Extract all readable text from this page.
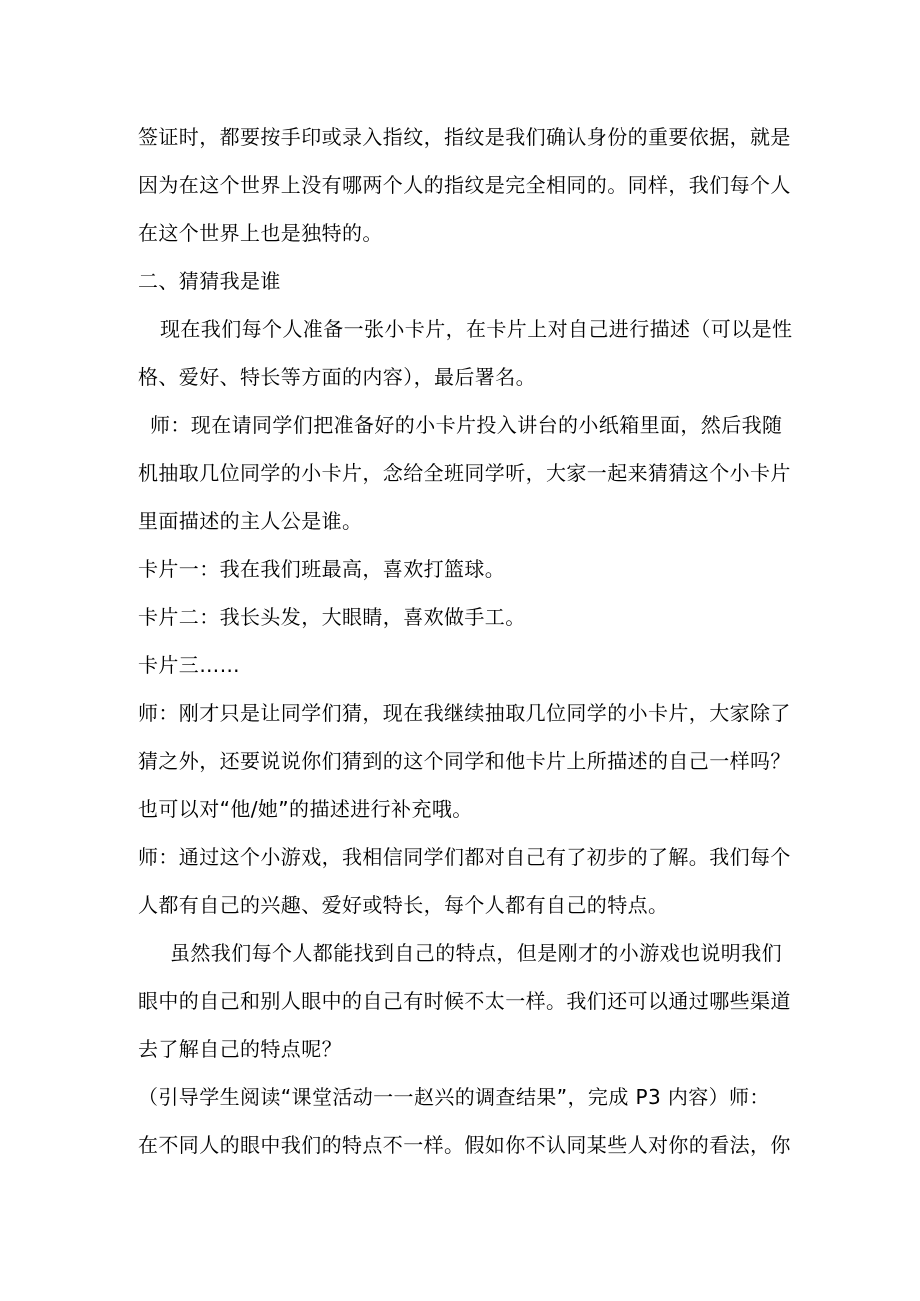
签证时，都要按手印或录入指纹，指纹是我们确认身份的重要依据，就是
因为在这个世界上没有哪两个人的指纹是完全相同的。同样，我们每个人
在这个世界上也是独特的。
二、猜猜我是谁
现在我们每个人准备一张小卡片，在卡片上对自己进行描述（可以是性
格、爱好、特长等方面的内容），最后署名。
师：现在请同学们把准备好的小卡片投入讲台的小纸箱里面，然后我随
机抽取几位同学的小卡片，念给全班同学听，大家一起来猜猜这个小卡片
里面描述的主人公是谁。
卡片一：我在我们班最高，喜欢打篮球。
卡片二：我长头发，大眼睛，喜欢做手工。
卡片三……
师：刚才只是让同学们猜，现在我继续抽取几位同学的小卡片，大家除了
猜之外，还要说说你们猜到的这个同学和他卡片上所描述的自己一样吗？
也可以对“他/她”的描述进行补充哦。
师：通过这个小游戏，我相信同学们都对自己有了初步的了解。我们每个
人都有自己的兴趣、爱好或特长，每个人都有自己的特点。
虽然我们每个人都能找到自己的特点，但是刚才的小游戏也说明我们
眼中的自己和别人眼中的自己有时候不太一样。我们还可以通过哪些渠道
去了解自己的特点呢？
（引导学生阅读“课堂活动一一赵兴的调查结果”，完成 P3 内容）师：
在不同人的眼中我们的特点不一样。假如你不认同某些人对你的看法，你
